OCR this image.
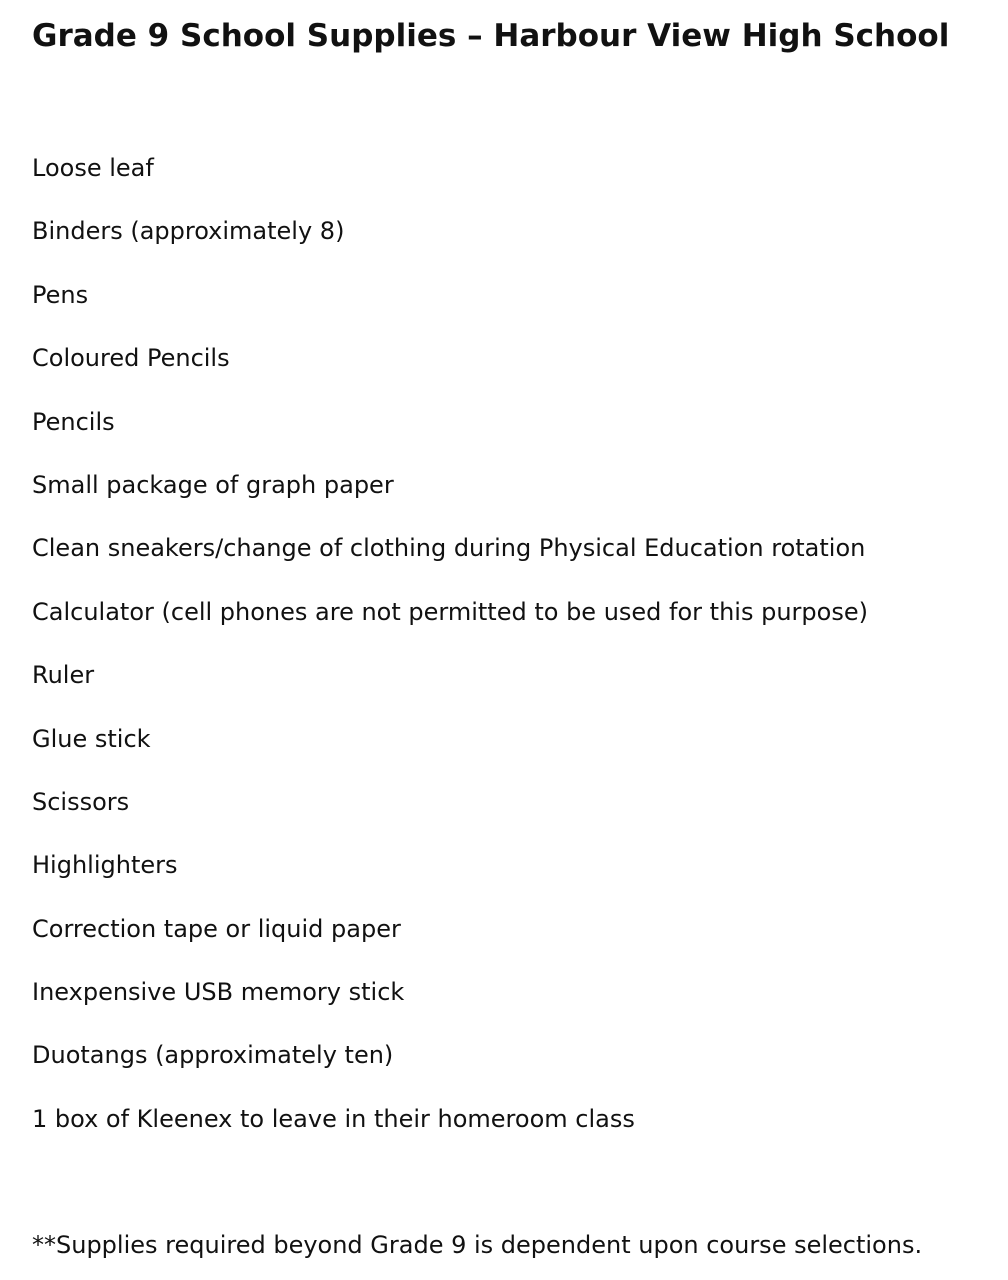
Grade 9 School Supplies – Harbour View High School
Loose leaf
Binders (approximately 8)
Pens
Coloured Pencils
Pencils
Small package of graph paper
Clean sneakers/change of clothing during Physical Education rotation
Calculator (cell phones are not permitted to be used for this purpose)
Ruler
Glue stick
Scissors
Highlighters
Correction tape or liquid paper
Inexpensive USB memory stick
Duotangs (approximately ten)
1 box of Kleenex to leave in their homeroom class

**Supplies required beyond Grade 9 is dependent upon course selections.
